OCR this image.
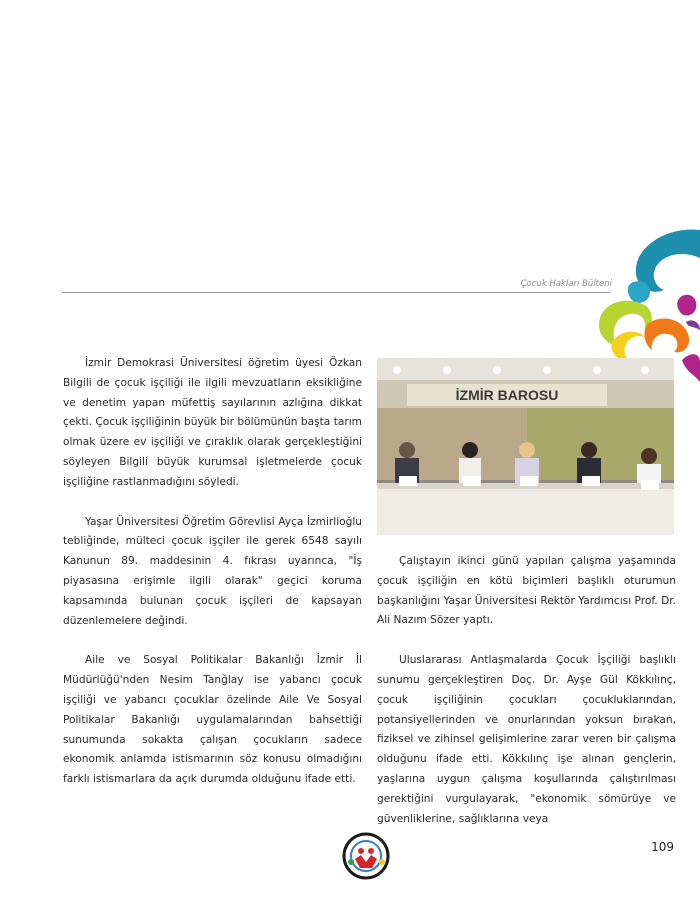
Çocuk Hakları Bülteni

İzmir Demokrasi Üniversitesi öğretim üyesi Özkan Bilgili de çocuk işçiliği ile ilgili mevzuatların eksikliğine ve denetim yapan müfettiş sayılarının azlığına dikkat çekti. Çocuk işçiliğinin büyük bir bölümünün başta tarım olmak üzere ev işçiliği ve çıraklık olarak gerçekleştiğini söyleyen Bilgili büyük kurumsal işletmelerde çocuk işçiliğine rastlanmadığını söyledi.

Yaşar Üniversitesi Öğretim Görevlisi Ayça İzmirlioğlu tebliğinde, mülteci çocuk işçiler ile gerek 6548 sayılı Kanunun 89. maddesinin 4. fıkrası uyarınca, "İş piyasasına erişimle ilgili olarak" geçici koruma kapsamında bulunan çocuk işçileri de kapsayan düzenlemelere değindi.

Aile ve Sosyal Politikalar Bakanlığı İzmir İl Müdürlüğü'nden Nesim Tanğlay ise yabancı çocuk işçiliği ve yabancı çocuklar özelinde Aile Ve Sosyal Politikalar Bakanlığı uygulamalarından bahsettiği sunumunda sokakta çalışan çocukların sadece ekonomik anlamda istismarının söz konusu olmadığını farklı istismarlara da açık durumda olduğunu ifade etti.

İZMİR BAROSU

Çalıştayın ikinci günü yapılan çalışma yaşamında çocuk işçiliğin en kötü biçimleri başlıklı oturumun başkanlığını Yaşar Üniversitesi Rektör Yardımcısı Prof. Dr. Ali Nazım Sözer yaptı.

Uluslararası Antlaşmalarda Çocuk İşçiliği başlıklı sunumu gerçekleştiren Doç. Dr. Ayşe Gül Kökkılınç, çocuk işçiliğinin çocukları çocukluklarından, potansiyellerinden ve onurlarından yoksun bırakan, fiziksel ve zihinsel gelişimlerine zarar veren bir çalışma olduğunu ifade etti. Kökkılınç işe alınan gençlerin, yaşlarına uygun çalışma koşullarında çalıştırılması gerektiğini vurgulayarak, "ekonomik sömürüye ve güvenliklerine, sağlıklarına veya

109
